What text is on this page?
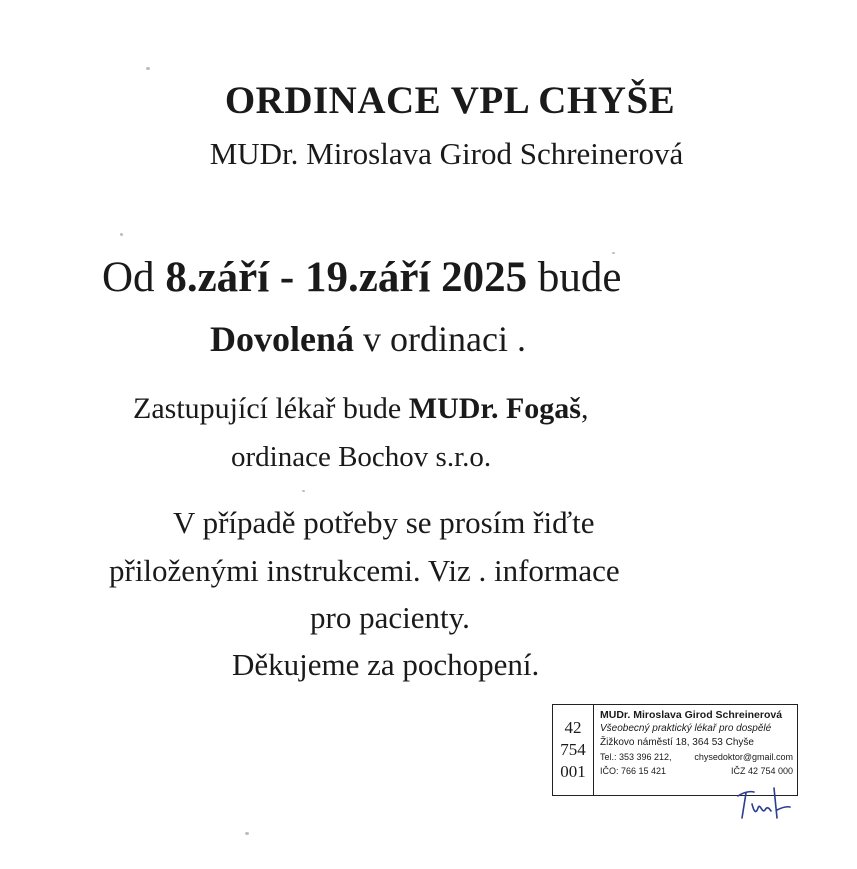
ORDINACE VPL CHYŠE
MUDr. Miroslava Girod Schreinerová
Od 8.září - 19.září 2025 bude
Dovolená v ordinaci .
Zastupující lékař bude MUDr. Fogaš,
ordinace Bochov s.r.o.
V případě potřeby se prosím řiďte
přiloženými instrukcemi. Viz . informace
pro pacienty.
Děkujeme za pochopení.
42
754
001
MUDr. Miroslava Girod Schreinerová
Všeobecný praktický lékař pro dospělé
Žižkovo náměstí 18, 364 53 Chyše
Tel.: 353 396 212,	chysedoktor@gmail.com
IČO: 766 15 421	IČZ 42 754 000
